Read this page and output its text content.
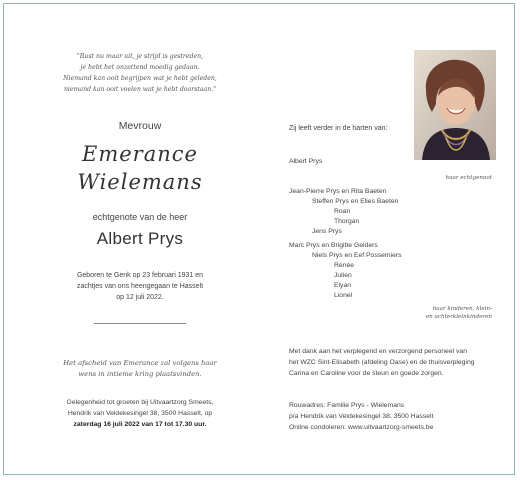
"Rust nu maar uit, je strijd is gestreden,
je hebt het onzettend moedig gedaan.
Niemand kan ooit begrijpen wat je hebt geleden,
niemand kan ooit voelen wat je hebt doorstaan."
Mevrouw
Emerance
Wielemans
echtgenote van de heer
Albert Prys
Geboren te Genk op 23 februari 1931 en
zachtjes van ons heengegaan te Hasselt
op 12 juli 2022.
Het afscheid van Emerance zal volgens haar
wens in intieme kring plaatsvinden.
Gelegenheid tot groeten bij Uitvaartzorg Smeets,
Hendrik van Veldekesingel 38, 3500 Hasselt, op
zaterdag 16 juli 2022 van 17 tot 17.30 uur.
Zij leeft verder in de harten van:
Albert Prys
haar echtgenoot
Jean-Pierre Prys en Rita Baeten
Steffen Prys en Elies Baeten
Roan
Thorgan
Jens Prys
Marc Prys en Brigitte Gelders
Niels Prys en Eef Possemiers
Renée
Julien
Elyan
Lionel
haar kinderen, klein-
en achterkleinkinderen
Met dank aan het verplegend en verzorgend personeel van
het WZC Sint-Elisabeth (afdeling Oase) en de thuisverpleging
Carina en Caroline voor de steun en goede zorgen.
Rouwadres: Familie Prys - Wielemans
p/a Hendrik van Veldekesingel 38, 3500 Hasselt
Online condoleren: www.uitvaartzorg-smeets.be
